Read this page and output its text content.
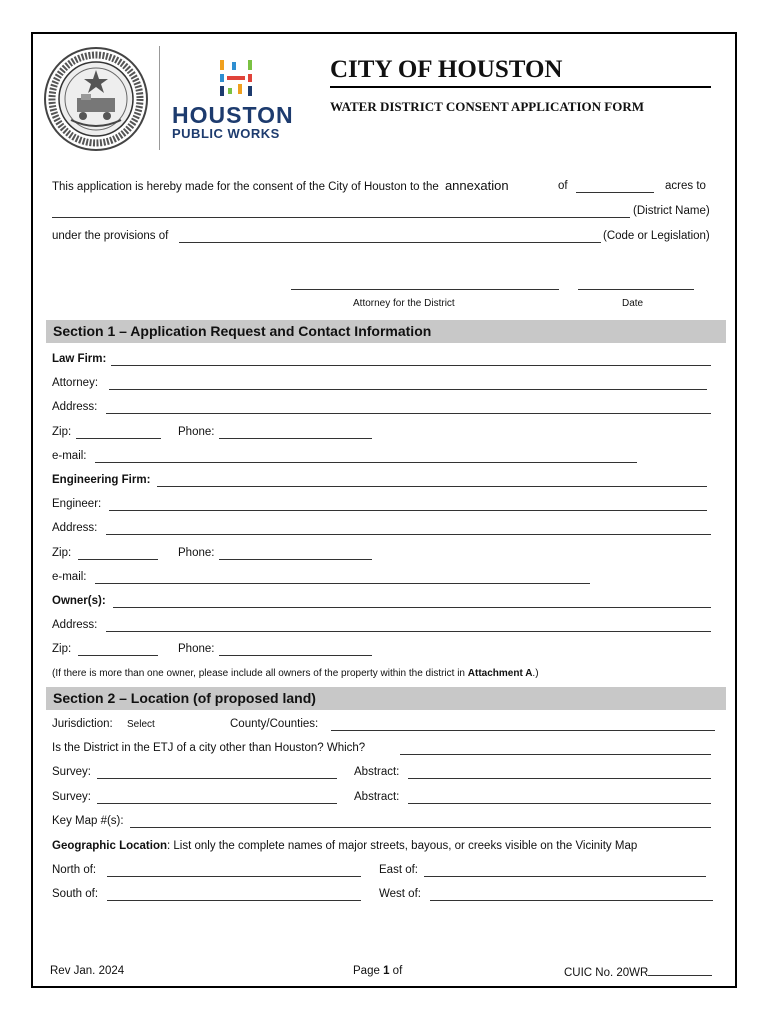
HOUSTON
PUBLIC WORKS
CITY OF HOUSTON
WATER DISTRICT CONSENT APPLICATION FORM
This application is hereby made for the consent of the City of Houston to the annexation	of	acres to
(District Name)
under the provisions of	(Code or Legislation)
Attorney for the District	Date
Section 1 – Application Request and Contact Information
Law Firm:
Attorney:
Address:
Zip:	Phone:
e-mail:
Engineering Firm:
Engineer:
Address:
Zip:	Phone:
e-mail:
Owner(s):
Address:
Zip:	Phone:
(If there is more than one owner, please include all owners of the property within the district in Attachment A.)
Section 2 – Location (of proposed land)
Jurisdiction: Select	County/Counties:
Is the District in the ETJ of a city other than Houston? Which?
Survey:	Abstract:
Survey:	Abstract:
Key Map #(s):
Geographic Location: List only the complete names of major streets, bayous, or creeks visible on the Vicinity Map
North of:	East of:
South of:	West of:
Rev Jan. 2024	Page 1 of	CUIC No. 20WR
